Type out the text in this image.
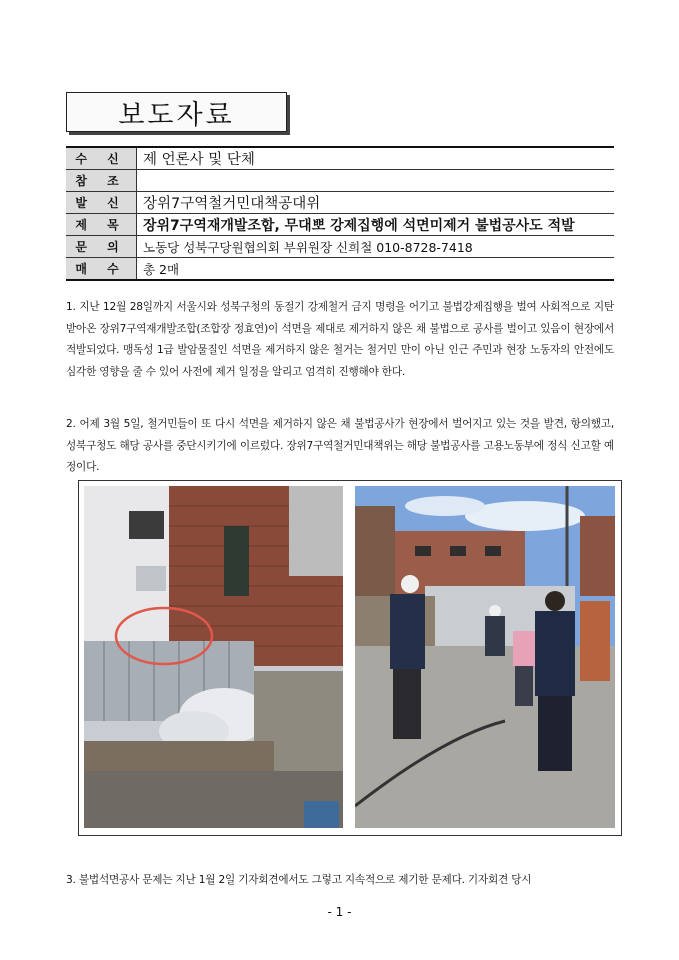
보도자료
수 신	제 언론사 및 단체
참 조	
발 신	장위7구역철거민대책공대위
제 목	장위7구역재개발조합, 무대뽀 강제집행에 석면미제거 불법공사도 적발
문 의	노동당 성북구당원협의회 부위원장 신희철 010-8728-7418
매 수	총 2매
1. 지난 12월 28일까지 서울시와 성북구청의 동절기 강제철거 금지 명령을 어기고 불법강제집행을 벌여 사회적으로 지탄 받아온 장위7구역재개발조합(조합장 정효연)이 석면을 제대로 제거하지 않은 채 불법으로 공사를 벌이고 있음이 현장에서 적발되었다. 맹독성 1급 발암물질인 석면을 제거하지 않은 철거는 철거민 만이 아닌 인근 주민과 현장 노동자의 안전에도 심각한 영향을 줄 수 있어 사전에 제거 일정을 알리고 엄격히 진행해야 한다.
2. 어제 3월 5일, 철거민들이 또 다시 석면을 제거하지 않은 채 불법공사가 현장에서 벌어지고 있는 것을 발견, 항의했고, 성북구청도 해당 공사를 중단시키기에 이르렀다. 장위7구역철거민대책위는 해당 불법공사를 고용노동부에 정식 신고할 예정이다.
3. 불법석면공사 문제는 지난 1월 2일 기자회견에서도 그렇고 지속적으로 제기한 문제다. 기자회견 당시
- 1 -
